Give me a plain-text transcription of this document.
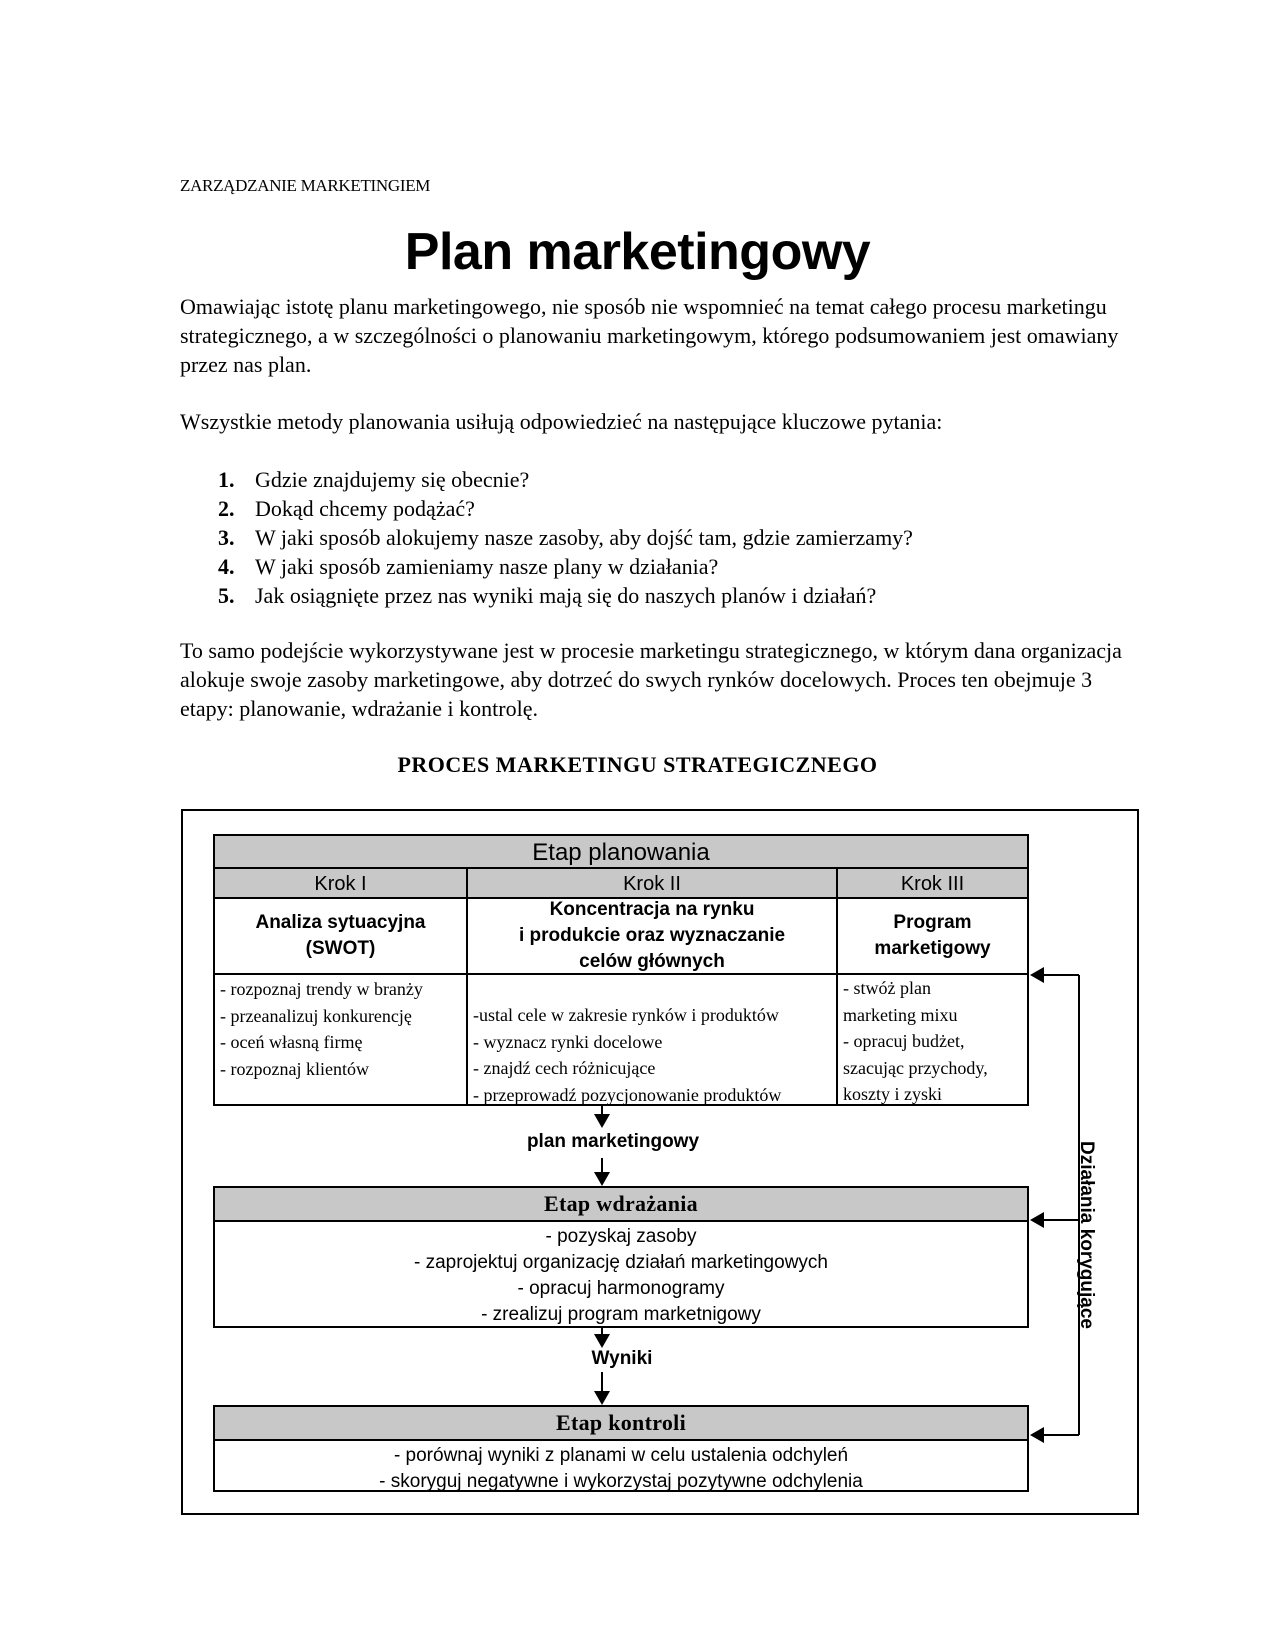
ZARZĄDZANIE MARKETINGIEM
Plan marketingowy
Omawiając istotę planu marketingowego, nie sposób nie wspomnieć na temat całego procesu marketingu strategicznego, a w szczególności o planowaniu marketingowym, którego podsumowaniem jest omawiany przez nas plan.
Wszystkie metody planowania usiłują odpowiedzieć na następujące kluczowe pytania:
1. Gdzie znajdujemy się obecnie?
2. Dokąd chcemy podążać?
3. W jaki sposób alokujemy nasze zasoby, aby dojść tam, gdzie zamierzamy?
4. W jaki sposób zamieniamy nasze plany w działania?
5. Jak osiągnięte przez nas wyniki mają się do naszych planów i działań?
To samo podejście wykorzystywane jest w procesie marketingu strategicznego, w którym dana organizacja alokuje swoje zasoby marketingowe, aby dotrzeć do swych rynków docelowych. Proces ten obejmuje 3 etapy: planowanie, wdrażanie i kontrolę.
PROCES MARKETINGU STRATEGICZNEGO
Etap planowania
Krok I	Krok II	Krok III
Analiza sytuacyjna
(SWOT)
Koncentracja na rynku
i produkcie oraz wyznaczanie
celów głównych
Program
marketigowy
- rozpoznaj trendy w branży
- przeanalizuj konkurencję
- oceń własną firmę
- rozpoznaj klientów
-ustal cele w zakresie rynków i produktów
- wyznacz rynki docelowe
- znajdź cech różnicujące
- przeprowadź pozycjonowanie produktów
- stwóż plan
marketing mixu
- opracuj budżet,
szacując przychody,
koszty i zyski
plan marketingowy
Etap wdrażania
- pozyskaj zasoby
- zaprojektuj organizację działań marketingowych
- opracuj harmonogramy
- zrealizuj program marketnigowy
Wyniki
Etap kontroli
- porównaj wyniki z planami w celu ustalenia odchyleń
- skoryguj negatywne i wykorzystaj pozytywne odchylenia
Działania korygujące
